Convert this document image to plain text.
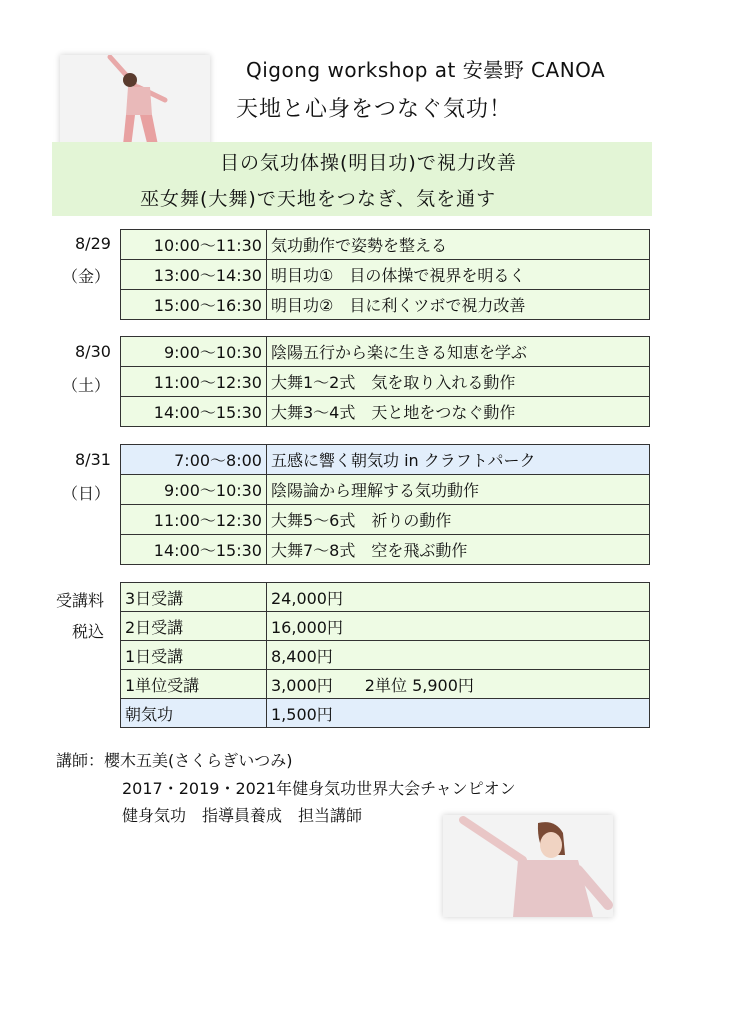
Qigong workshop at 安曇野 CANOA
天地と心身をつなぐ気功！
目の気功体操(明目功)で視力改善
巫女舞(大舞)で天地をつなぎ、気を通す
8/29
（金）
10:00～11:30	気功動作で姿勢を整える
13:00～14:30	明目功①　目の体操で視界を明るく
15:00～16:30	明目功②　目に利くツボで視力改善
8/30
（土）
9:00～10:30	陰陽五行から楽に生きる知恵を学ぶ
11:00～12:30	大舞1～2式　気を取り入れる動作
14:00～15:30	大舞3～4式　天と地をつなぐ動作
8/31
（日）
7:00～8:00	五感に響く朝気功 in クラフトパーク
9:00～10:30	陰陽論から理解する気功動作
11:00～12:30	大舞5～6式　祈りの動作
14:00～15:30	大舞7～8式　空を飛ぶ動作
受講料
税込
3日受講	24,000円
2日受講	16,000円
1日受講	8,400円
1単位受講	3,000円　　2単位 5,900円
朝気功	1,500円
講師：櫻木五美(さくらぎいつみ)
2017・2019・2021年健身気功世界大会チャンピオン
健身気功　指導員養成　担当講師
